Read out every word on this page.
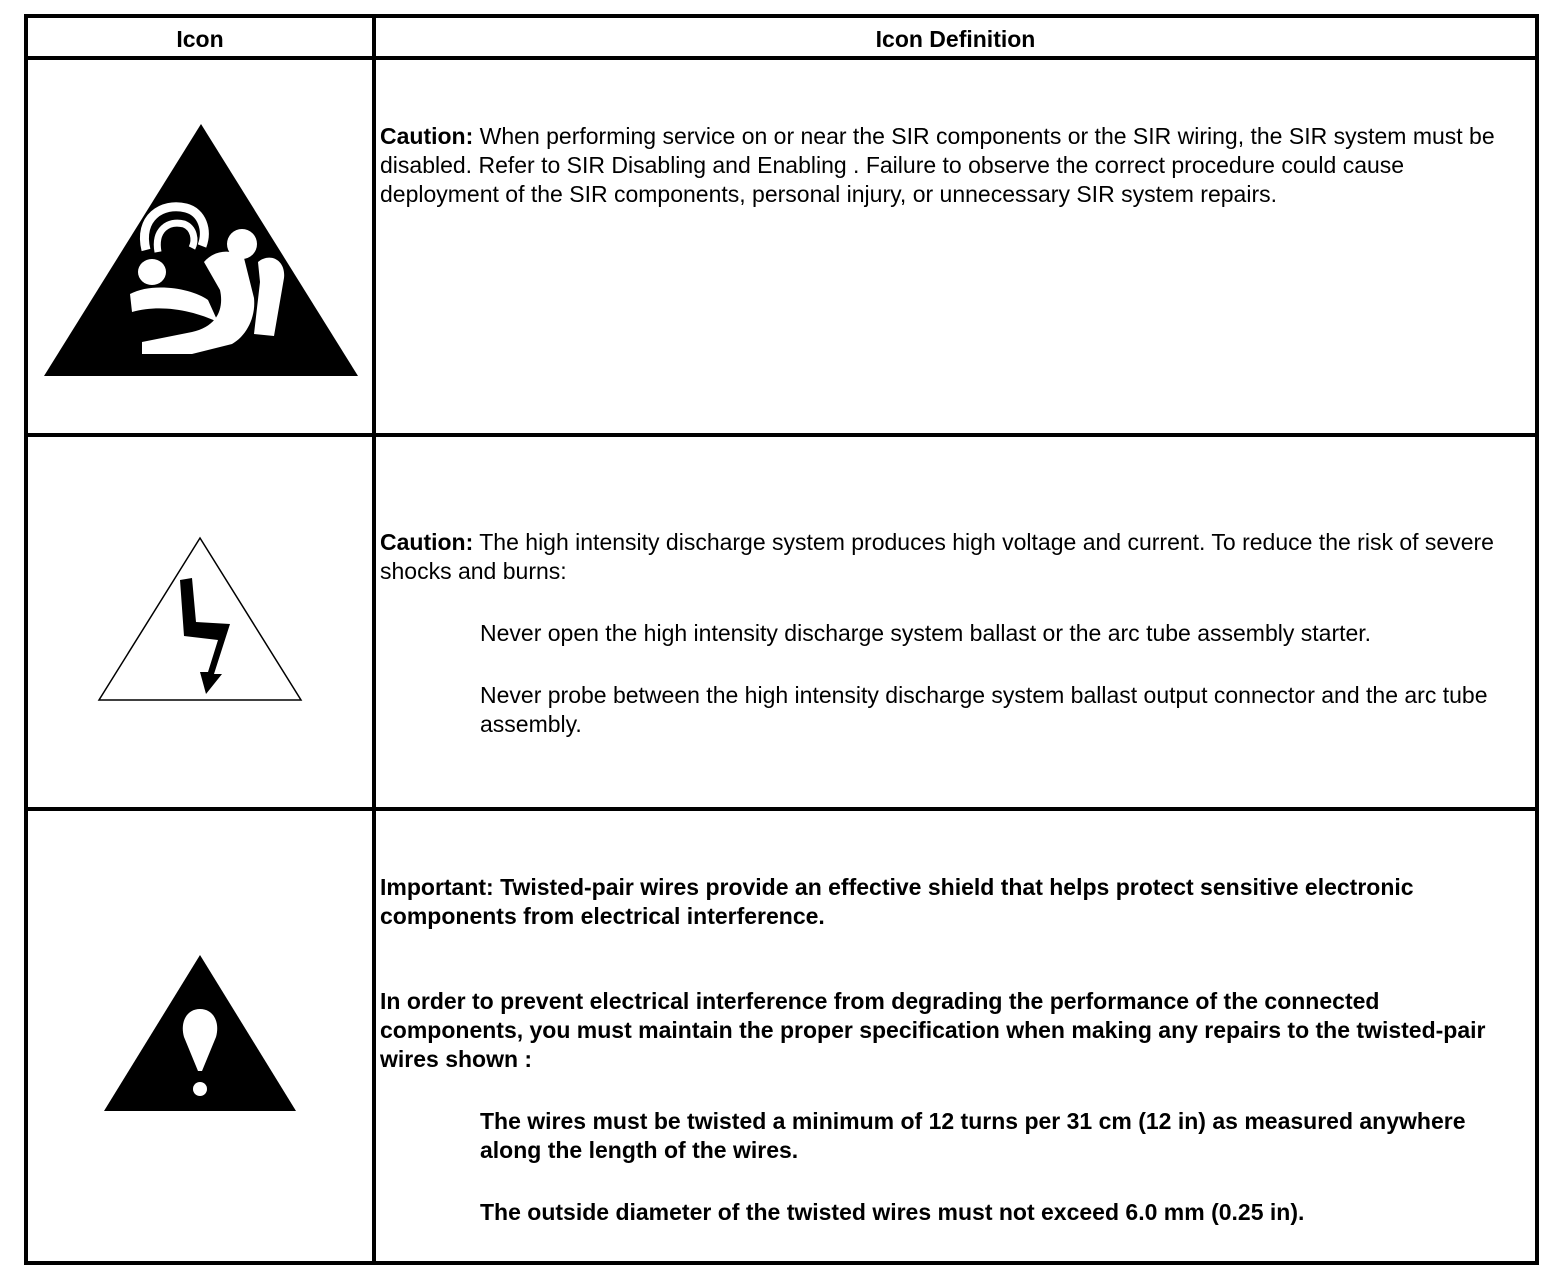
Icon	Icon Definition

Caution: When performing service on or near the SIR components or the SIR wiring, the SIR system must be disabled. Refer to SIR Disabling and Enabling . Failure to observe the correct procedure could cause deployment of the SIR components, personal injury, or unnecessary SIR system repairs.

Caution: The high intensity discharge system produces high voltage and current. To reduce the risk of severe shocks and burns:

Never open the high intensity discharge system ballast or the arc tube assembly starter.

Never probe between the high intensity discharge system ballast output connector and the arc tube assembly.

Important: Twisted-pair wires provide an effective shield that helps protect sensitive electronic components from electrical interference.

In order to prevent electrical interference from degrading the performance of the connected components, you must maintain the proper specification when making any repairs to the twisted-pair wires shown :

The wires must be twisted a minimum of 12 turns per 31 cm (12 in) as measured anywhere along the length of the wires.

The outside diameter of the twisted wires must not exceed 6.0 mm (0.25 in).
